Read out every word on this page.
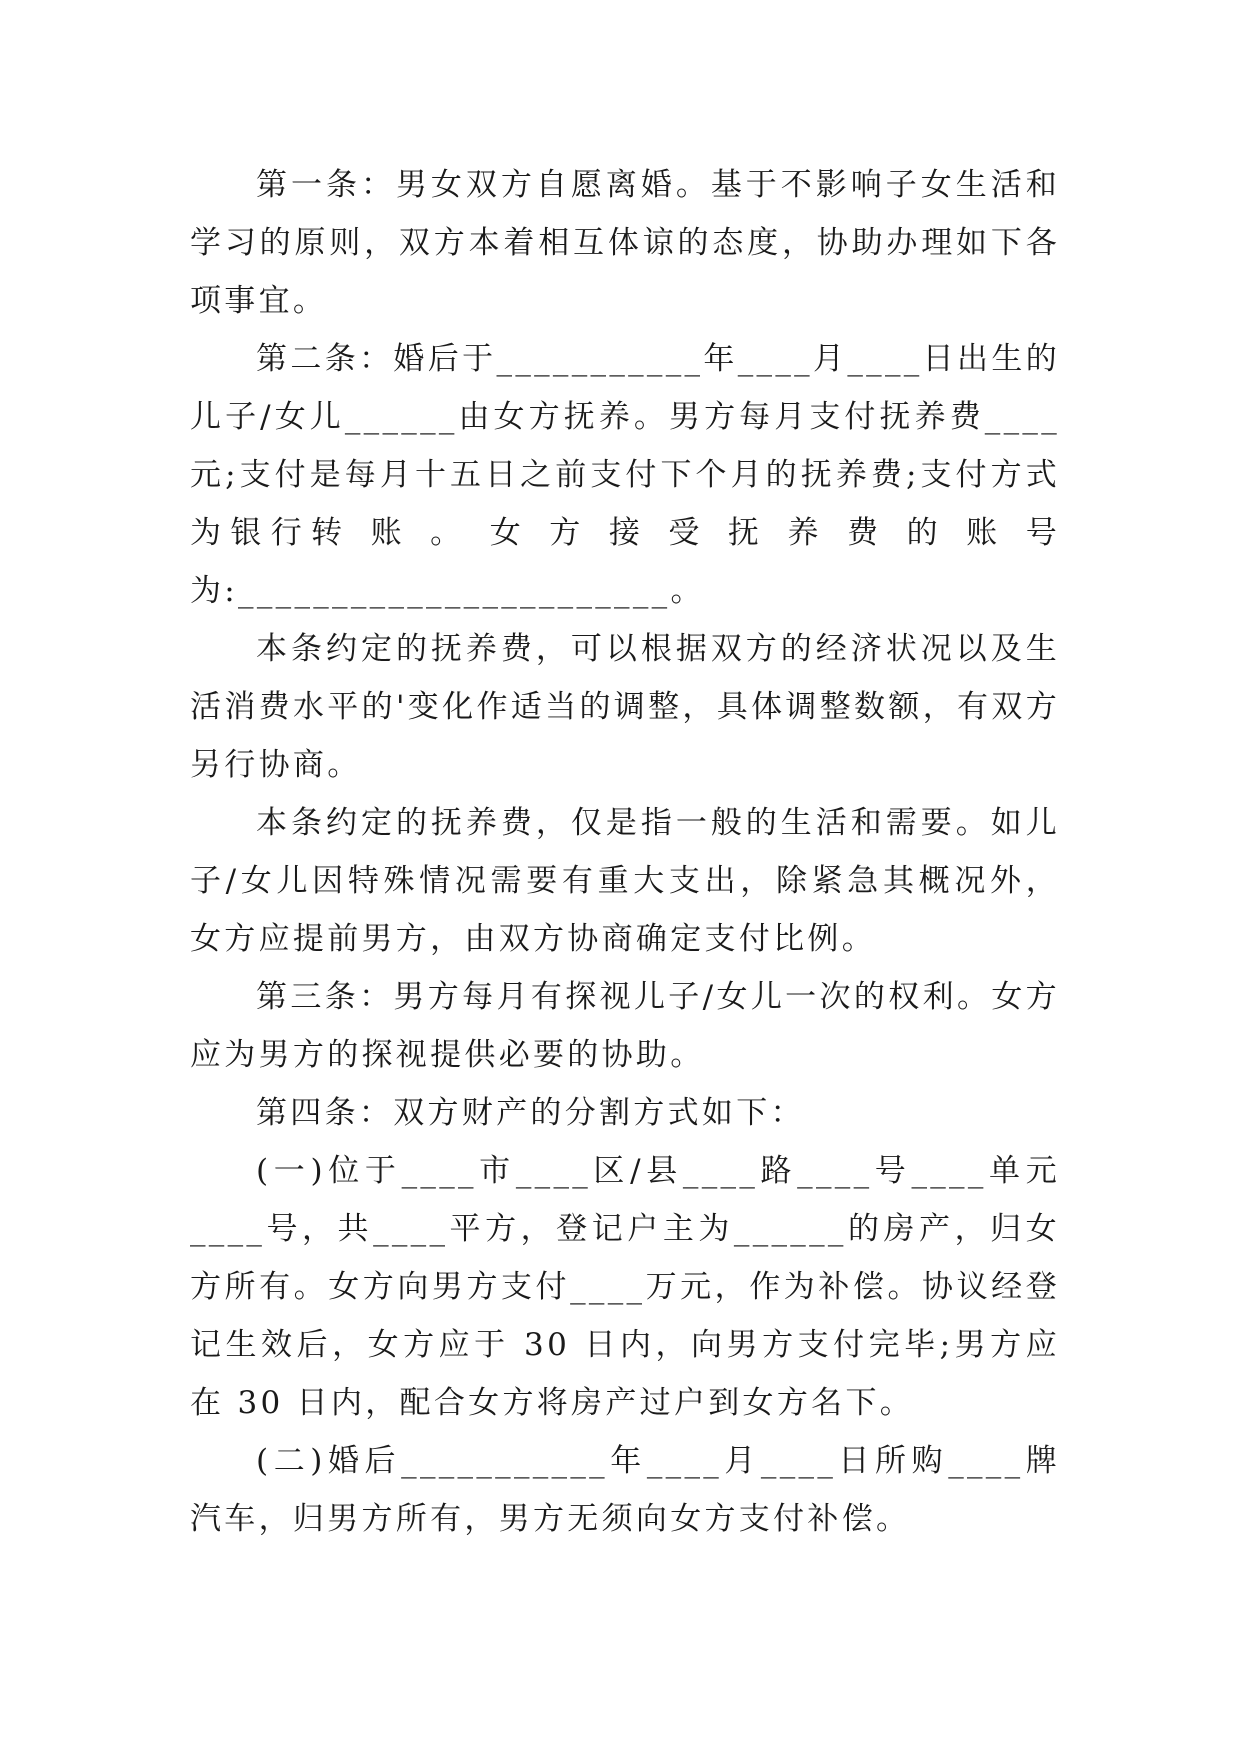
第一条：男女双方自愿离婚。基于不影响子女生活和学习的原则，双方本着相互体谅的态度，协助办理如下各项事宜。

第二条：婚后于___________年____月____日出生的儿子/女儿______由女方抚养。男方每月支付抚养费____元;支付是每月十五日之前支付下个月的抚养费;支付方式为银行转 账 。 女 方 接 受 抚 养 费 的 账 号为:_______________________。

本条约定的抚养费，可以根据双方的经济状况以及生活消费水平的'变化作适当的调整，具体调整数额，有双方另行协商。

本条约定的抚养费，仅是指一般的生活和需要。如儿子/女儿因特殊情况需要有重大支出，除紧急其概况外，女方应提前男方，由双方协商确定支付比例。

第三条：男方每月有探视儿子/女儿一次的权利。女方应为男方的探视提供必要的协助。

第四条：双方财产的分割方式如下：

(一)位于____市____区/县____路____号____单元____号，共____平方，登记户主为______的房产，归女方所有。女方向男方支付____万元，作为补偿。协议经登记生效后，女方应于 30 日内，向男方支付完毕;男方应在 30 日内，配合女方将房产过户到女方名下。

(二)婚后___________年____月____日所购____牌汽车，归男方所有，男方无须向女方支付补偿。
